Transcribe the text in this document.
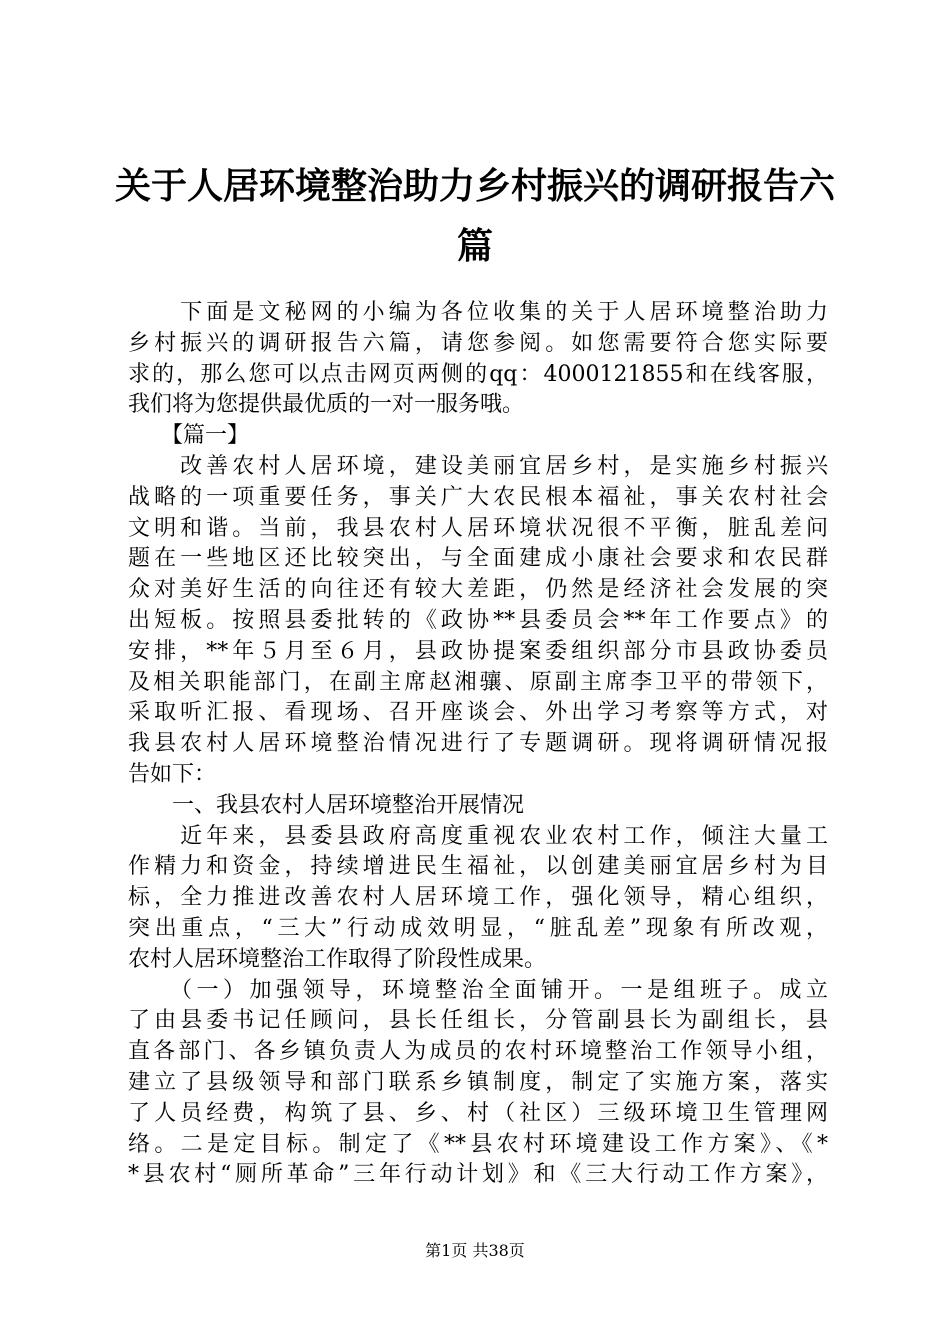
关于人居环境整治助力乡村振兴的调研报告六
篇
　　下面是文秘网的小编为各位收集的关于人居环境整治助力
乡村振兴的调研报告六篇，请您参阅。如您需要符合您实际要
求的，那么您可以点击网页两侧的qq：4000121855和在线客服，
我们将为您提供最优质的一对一服务哦。
　　【篇一】
　　改善农村人居环境，建设美丽宜居乡村，是实施乡村振兴
战略的一项重要任务，事关广大农民根本福祉，事关农村社会
文明和谐。当前，我县农村人居环境状况很不平衡，脏乱差问
题在一些地区还比较突出，与全面建成小康社会要求和农民群
众对美好生活的向往还有较大差距，仍然是经济社会发展的突
出短板。按照县委批转的《政协**县委员会**年工作要点》的
安排，**年５月至６月，县政协提案委组织部分市县政协委员
及相关职能部门，在副主席赵湘骧、原副主席李卫平的带领下，
采取听汇报、看现场、召开座谈会、外出学习考察等方式，对
我县农村人居环境整治情况进行了专题调研。现将调研情况报
告如下：
　　一、我县农村人居环境整治开展情况
　　近年来，县委县政府高度重视农业农村工作，倾注大量工
作精力和资金，持续增进民生福祉，以创建美丽宜居乡村为目
标，全力推进改善农村人居环境工作，强化领导，精心组织，
突出重点，“三大”行动成效明显，“脏乱差”现象有所改观，
农村人居环境整治工作取得了阶段性成果。
　　（一）加强领导，环境整治全面铺开。一是组班子。成立
了由县委书记任顾问，县长任组长，分管副县长为副组长，县
直各部门、各乡镇负责人为成员的农村环境整治工作领导小组，
建立了县级领导和部门联系乡镇制度，制定了实施方案，落实
了人员经费，构筑了县、乡、村（社区）三级环境卫生管理网
络。二是定目标。制定了《**县农村环境建设工作方案》、《*
*县农村“厕所革命”三年行动计划》和《三大行动工作方案》，
第1页 共38页
